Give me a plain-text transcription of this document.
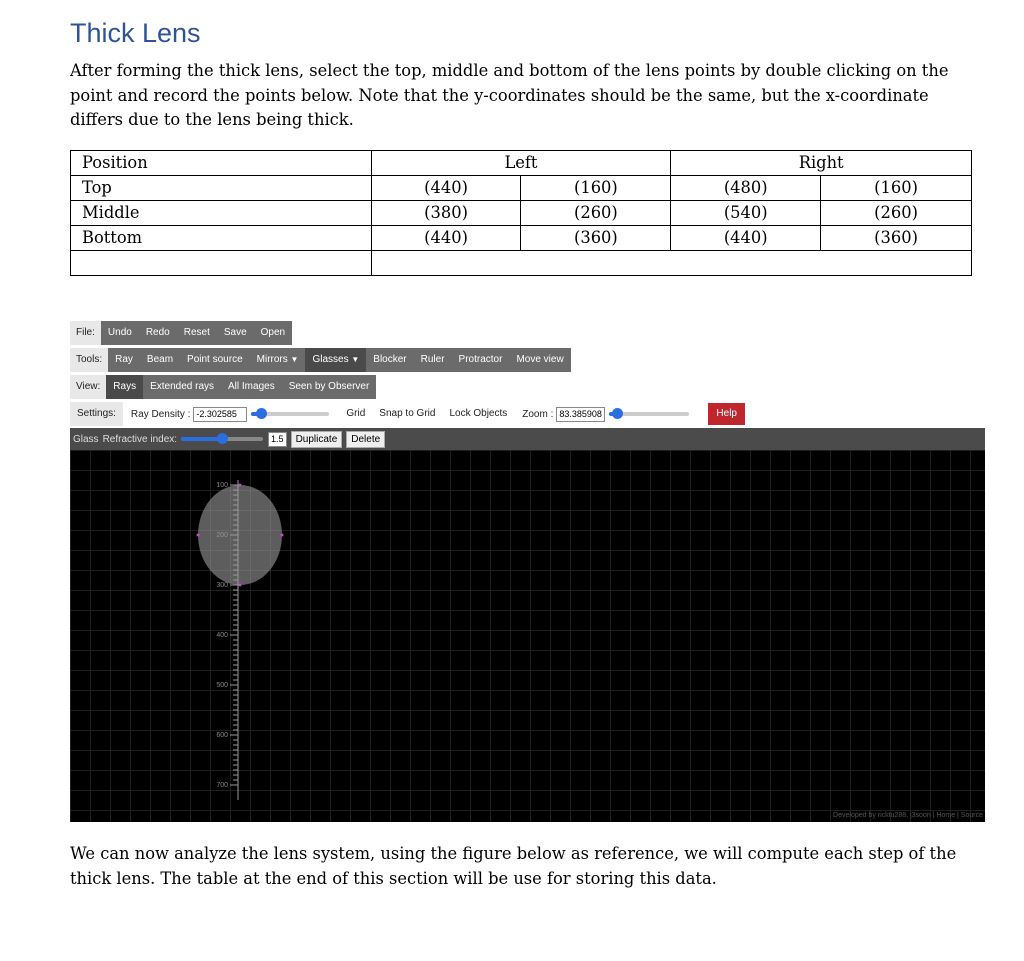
Thick Lens
After forming the thick lens, select the top, middle and bottom of the lens points by double clicking on the point and record the points below. Note that the y-coordinates should be the same, but the x-coordinate differs due to the lens being thick.
Position	Left		Right	
Top	(440)	(160)	(480)	(160)
Middle	(380)	(260)	(540)	(260)
Bottom	(440)	(360)	(440)	(360)

File:	Undo	Redo	Reset	Save	Open
Tools:	Ray	Beam	Point source	Mirrors ▼	Glasses ▼	Blocker	Ruler	Protractor	Move view
View:	Rays	Extended rays	All Images	Seen by Observer
Settings:	Ray Density : -2.302585	Grid	Snap to Grid	Lock Objects	Zoom : 83.385908	Help
Glass Refractive index:	1.5	Duplicate	Delete
100
300
400
500
600
700
Developed by ricktu288, j3soon | Home | Source
We can now analyze the lens system, using the figure below as reference, we will compute each step of the thick lens. The table at the end of this section will be use for storing this data.
